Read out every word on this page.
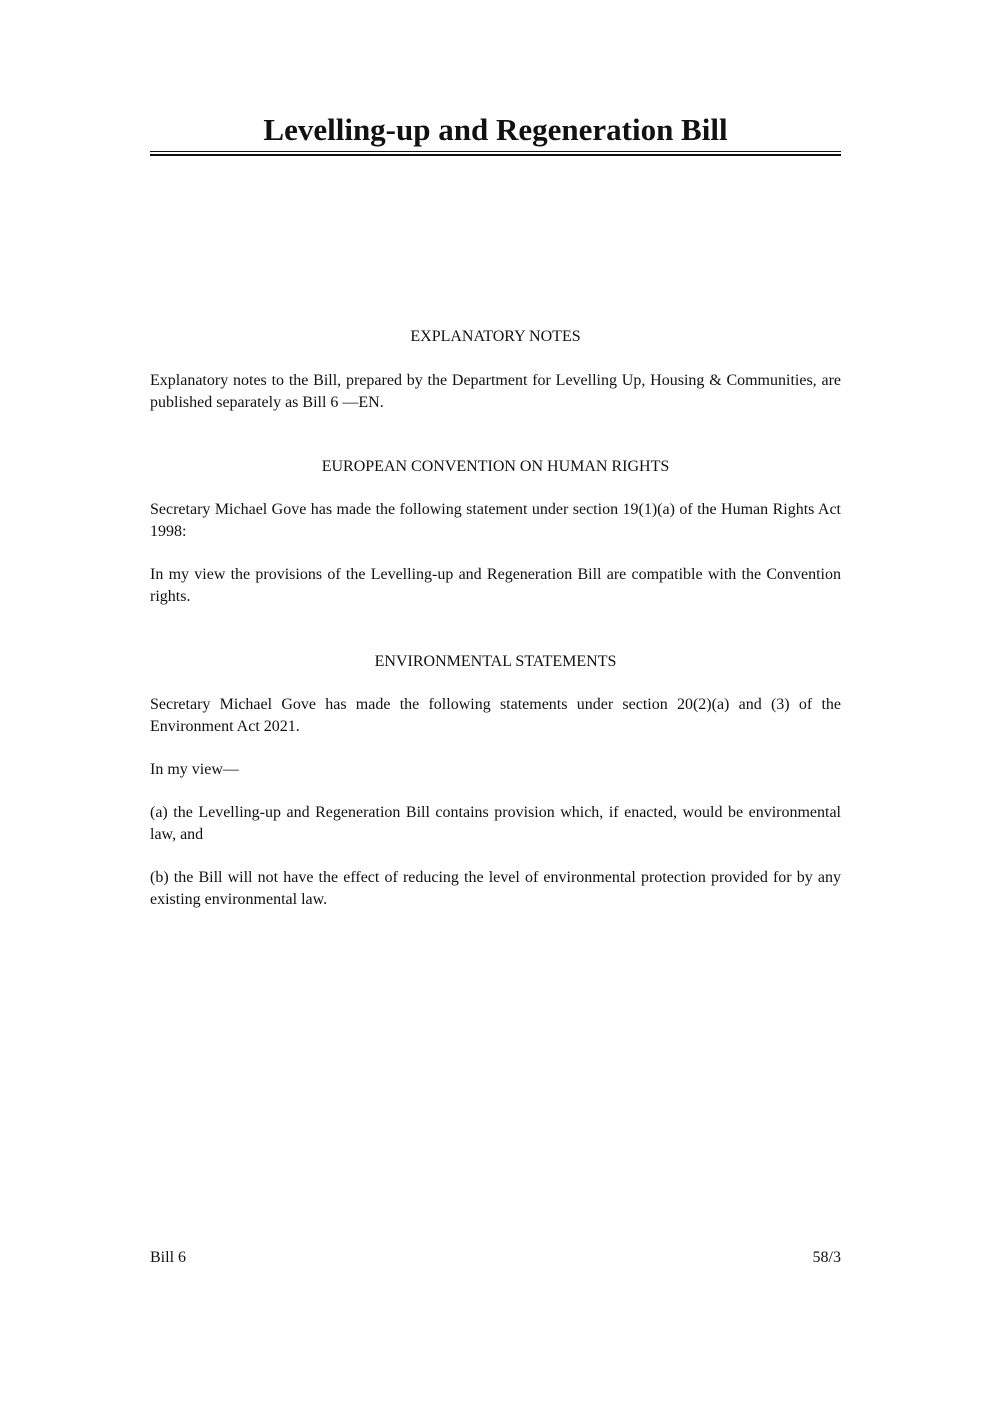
Levelling-up and Regeneration Bill
EXPLANATORY NOTES

Explanatory notes to the Bill, prepared by the Department for Levelling Up, Housing & Communities, are published separately as Bill 6 —EN.

EUROPEAN CONVENTION ON HUMAN RIGHTS

Secretary Michael Gove has made the following statement under section 19(1)(a) of the Human Rights Act 1998:

In my view the provisions of the Levelling-up and Regeneration Bill are compatible with the Convention rights.

ENVIRONMENTAL STATEMENTS

Secretary Michael Gove has made the following statements under section 20(2)(a) and (3) of the Environment Act 2021.

In my view—

(a) the Levelling-up and Regeneration Bill contains provision which, if enacted, would be environmental law, and

(b) the Bill will not have the effect of reducing the level of environmental protection provided for by any existing environmental law.

Bill 6	58/3
